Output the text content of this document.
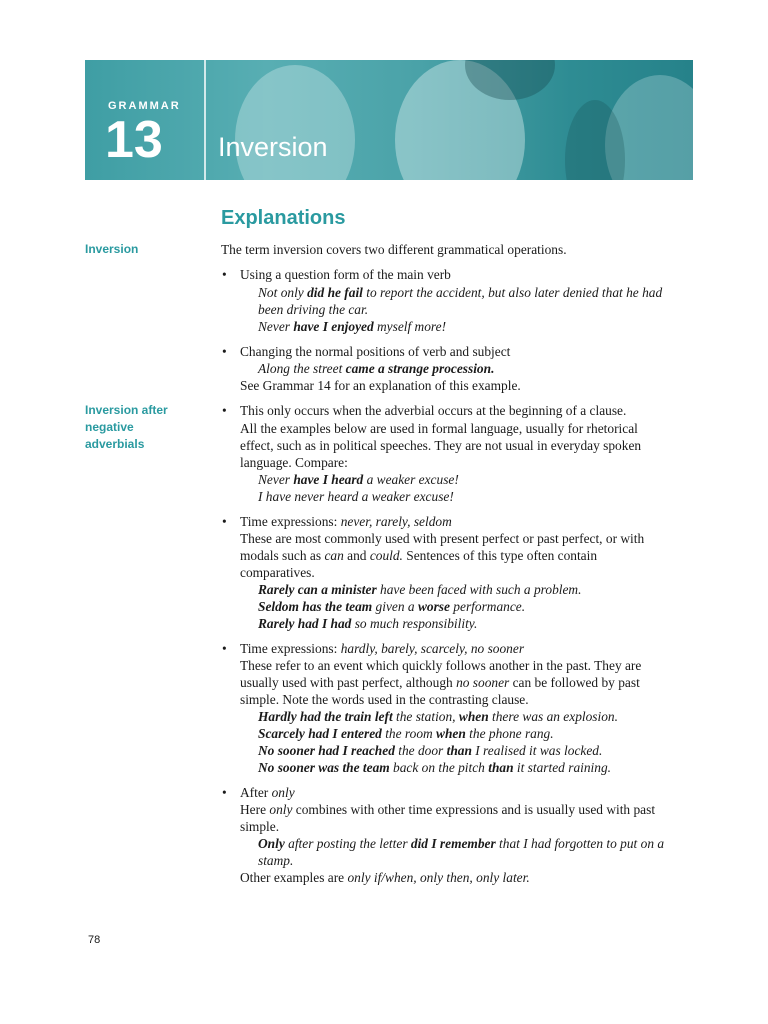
GRAMMAR
13 Inversion
Explanations
Inversion
Inversion after
negative
adverbials
The term inversion covers two different grammatical operations.
• Using a question form of the main verb
Not only did he fail to report the accident, but also later denied that he had
been driving the car.
Never have I enjoyed myself more!
• Changing the normal positions of verb and subject
Along the street came a strange procession.
See Grammar 14 for an explanation of this example.
• This only occurs when the adverbial occurs at the beginning of a clause.
All the examples below are used in formal language, usually for rhetorical
effect, such as in political speeches. They are not usual in everyday spoken
language. Compare:
Never have I heard a weaker excuse!
I have never heard a weaker excuse!
• Time expressions: never, rarely, seldom
These are most commonly used with present perfect or past perfect, or with
modals such as can and could. Sentences of this type often contain
comparatives.
Rarely can a minister have been faced with such a problem.
Seldom has the team given a worse performance.
Rarely had I had so much responsibility.
• Time expressions: hardly, barely, scarcely, no sooner
These refer to an event which quickly follows another in the past. They are
usually used with past perfect, although no sooner can be followed by past
simple. Note the words used in the contrasting clause.
Hardly had the train left the station, when there was an explosion.
Scarcely had I entered the room when the phone rang.
No sooner had I reached the door than I realised it was locked.
No sooner was the team back on the pitch than it started raining.
• After only
Here only combines with other time expressions and is usually used with past
simple.
Only after posting the letter did I remember that I had forgotten to put on a
stamp.
Other examples are only if/when, only then, only later.
78
